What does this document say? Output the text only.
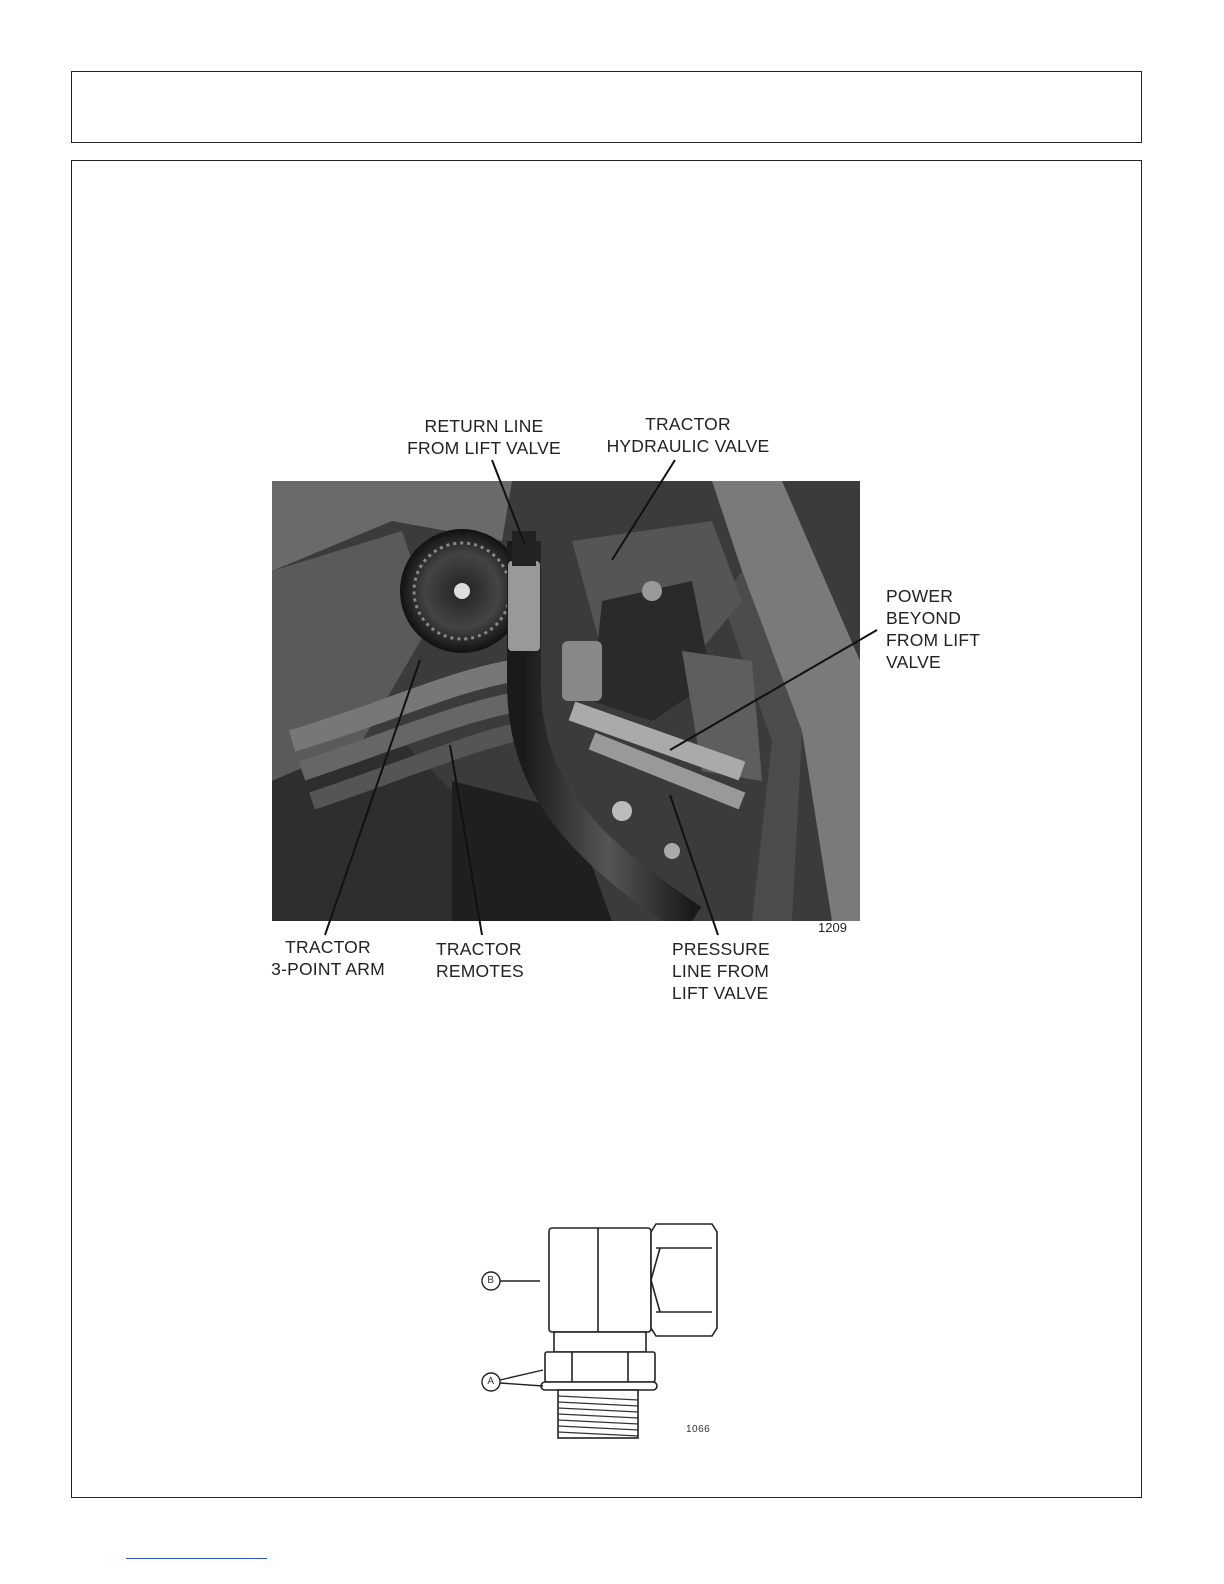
RETURN LINE
FROM LIFT VALVE
TRACTOR
HYDRAULIC VALVE
POWER
BEYOND
FROM LIFT
VALVE
TRACTOR
3-POINT ARM
TRACTOR
REMOTES
PRESSURE
LINE FROM
LIFT VALVE
1209
B
A
1066
